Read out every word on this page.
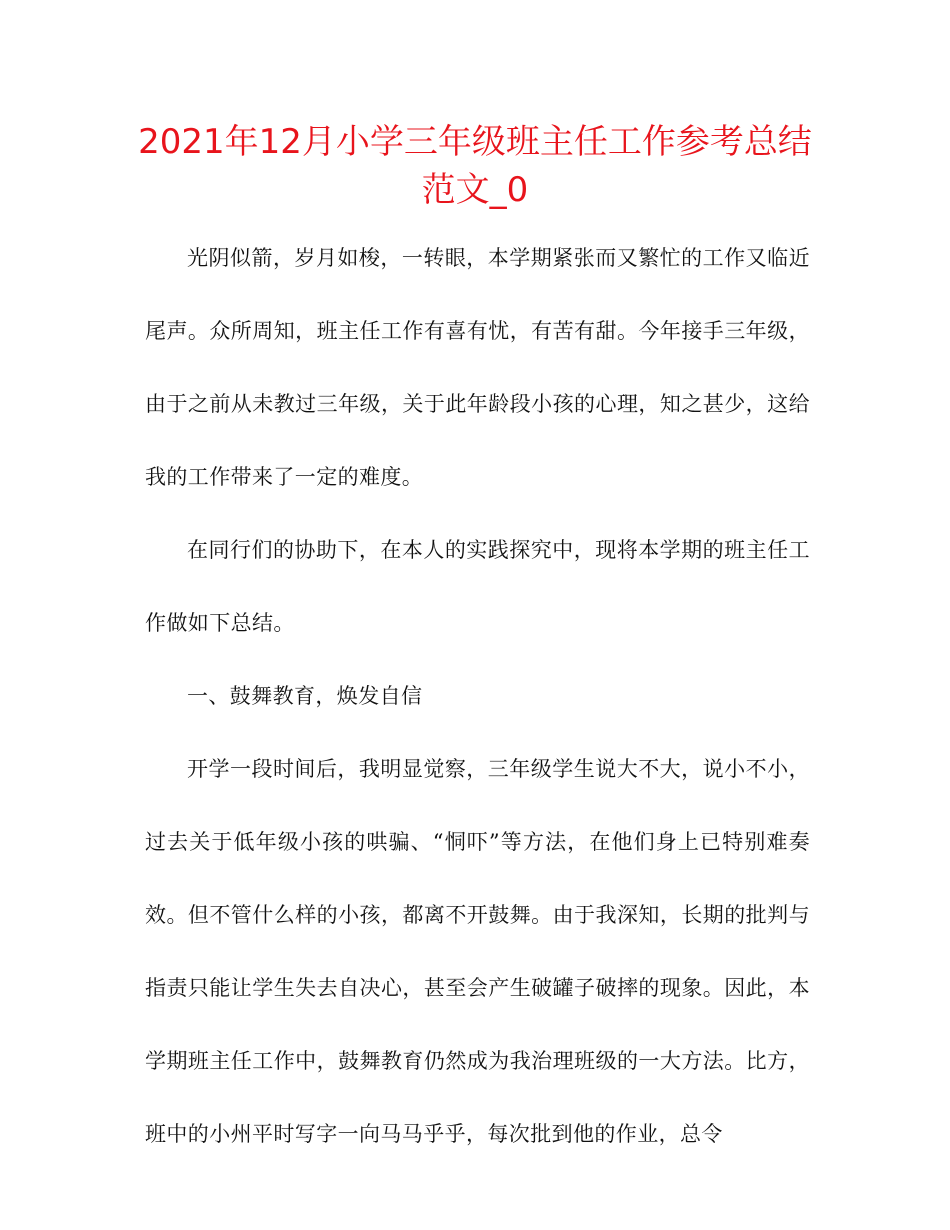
2021年12月小学三年级班主任工作参考总结范文_0

光阴似箭，岁月如梭，一转眼，本学期紧张而又繁忙的工作又临近尾声。众所周知，班主任工作有喜有忧，有苦有甜。今年接手三年级，由于之前从未教过三年级，关于此年龄段小孩的心理，知之甚少，这给我的工作带来了一定的难度。

在同行们的协助下，在本人的实践探究中，现将本学期的班主任工作做如下总结。

一、鼓舞教育，焕发自信

开学一段时间后，我明显觉察，三年级学生说大不大，说小不小，过去关于低年级小孩的哄骗、“恫吓”等方法，在他们身上已特别难奏效。但不管什么样的小孩，都离不开鼓舞。由于我深知，长期的批判与指责只能让学生失去自决心，甚至会产生破罐子破摔的现象。因此，本学期班主任工作中，鼓舞教育仍然成为我治理班级的一大方法。比方，班中的小州平时写字一向马马乎乎，每次批到他的作业，总令
